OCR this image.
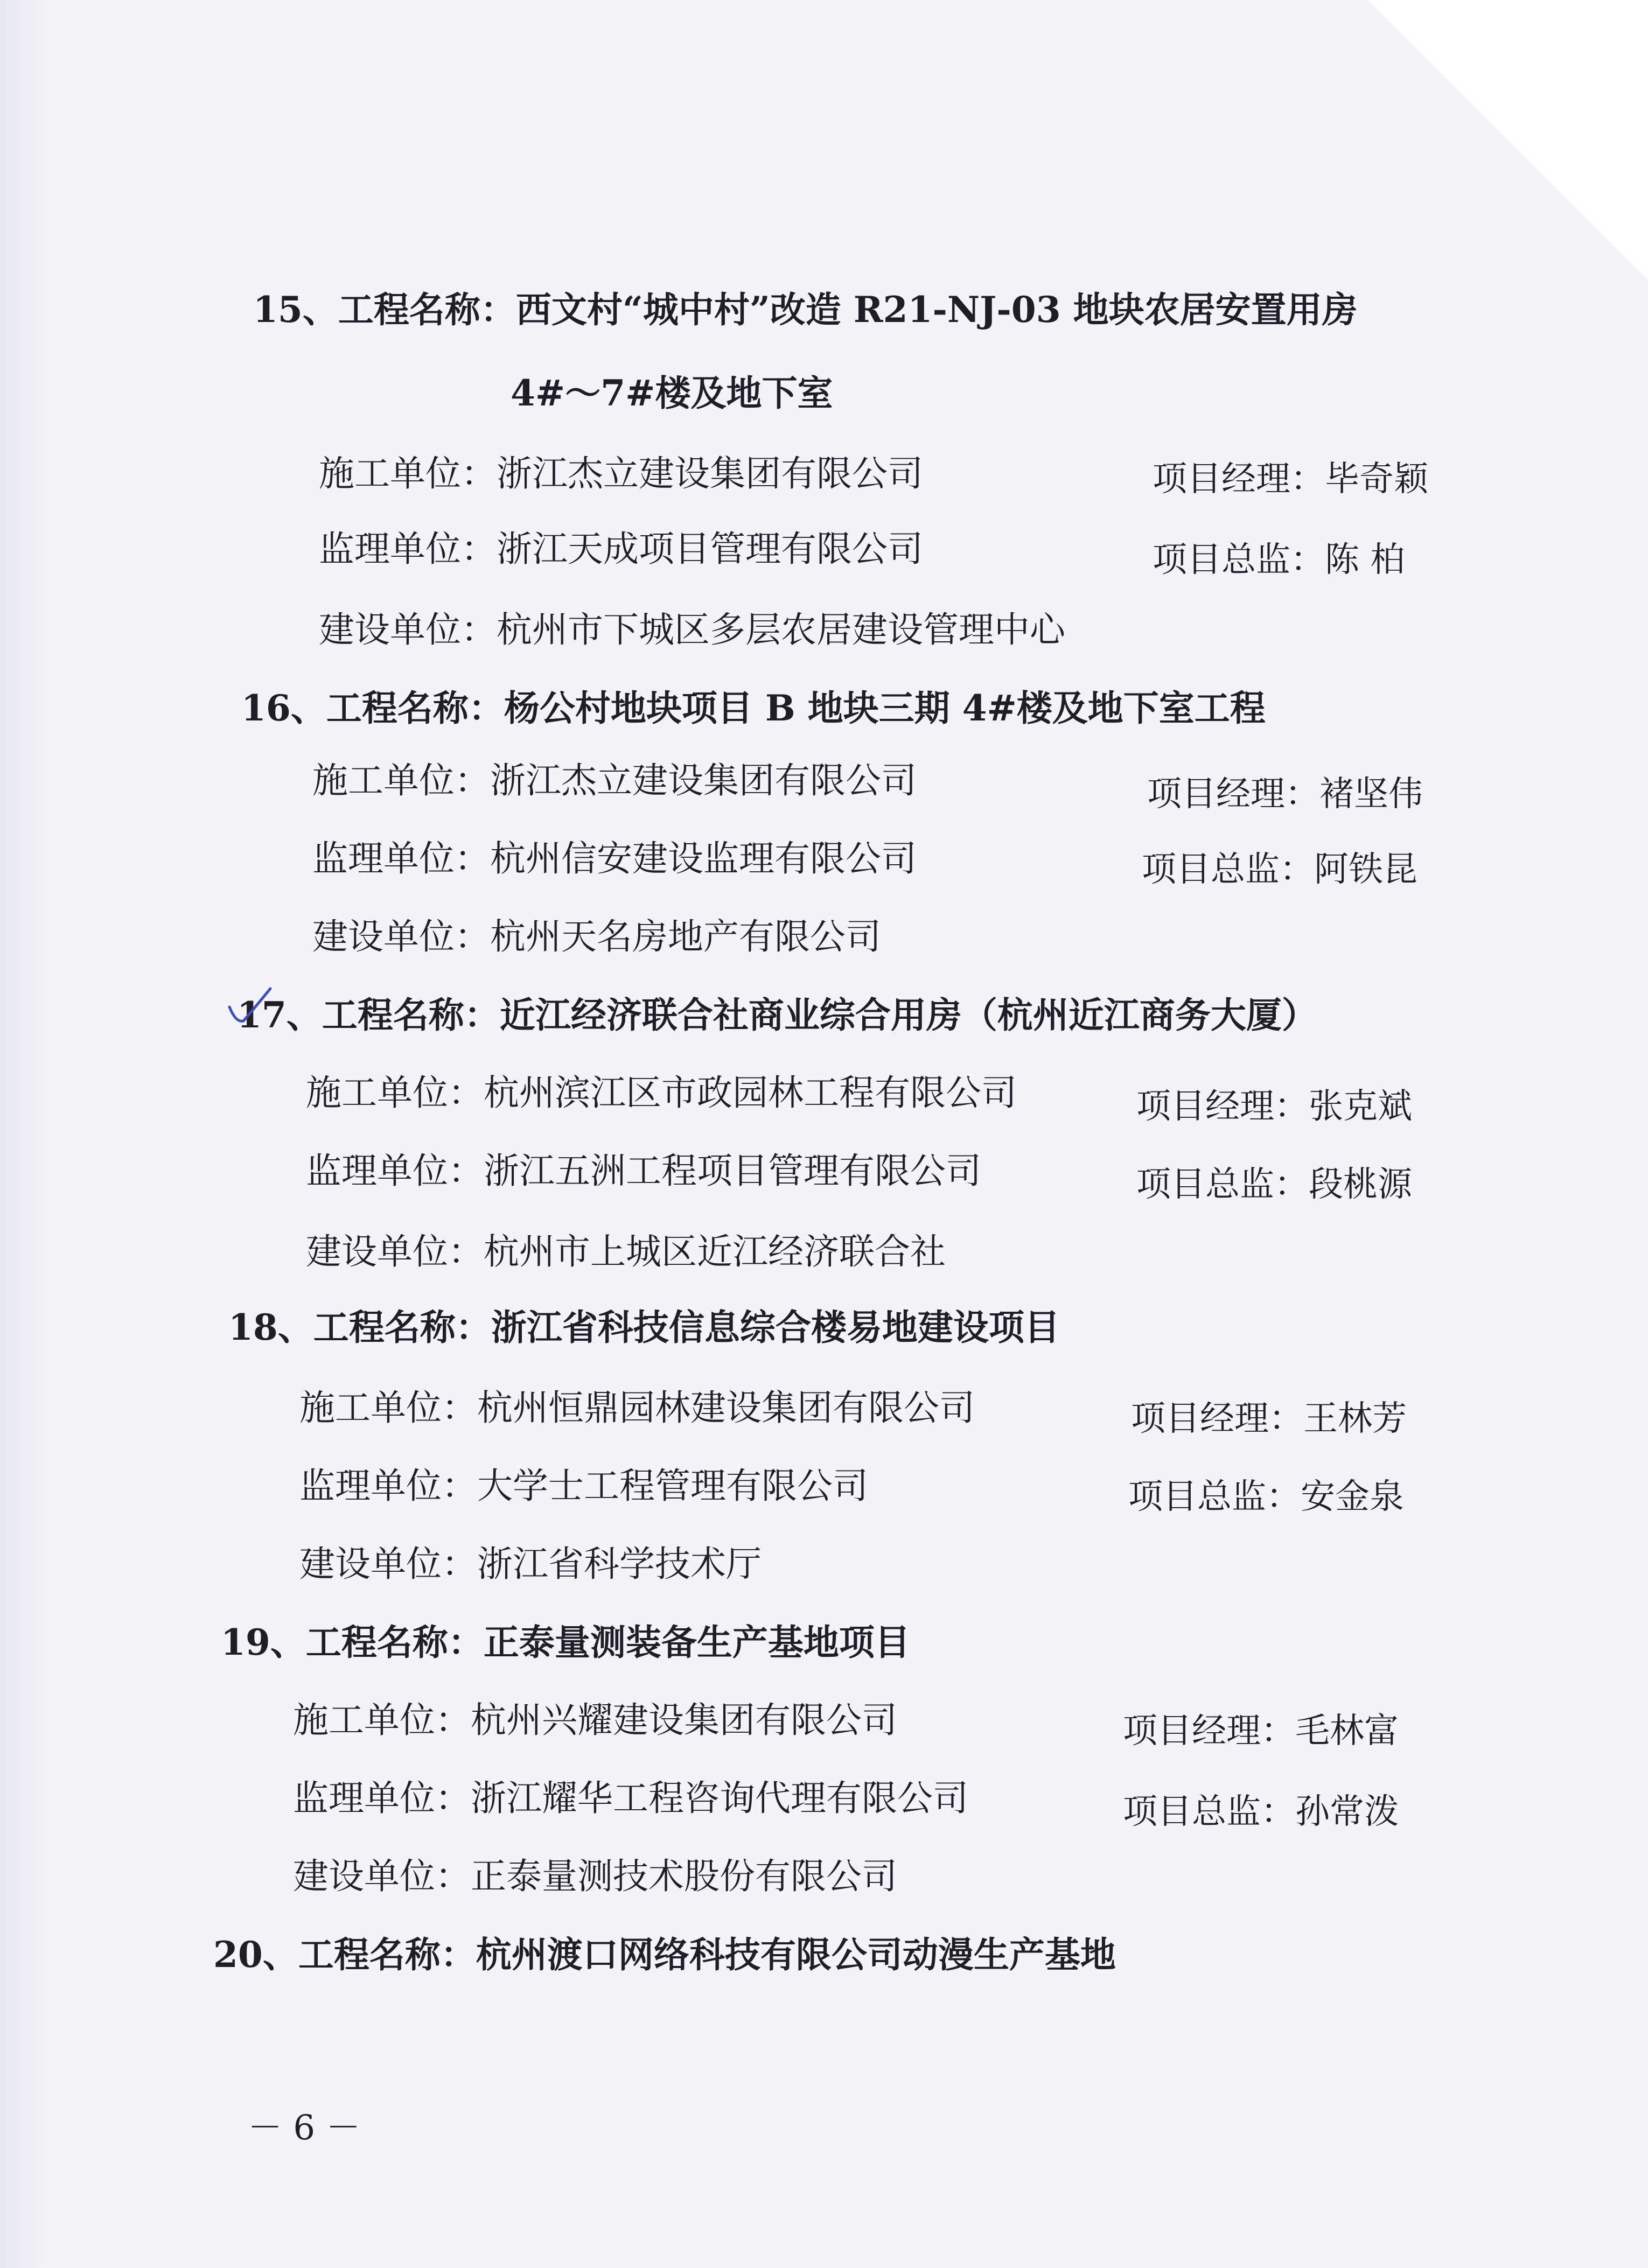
15、工程名称：西文村“城中村”改造 R21-NJ-03 地块农居安置用房
4#～7#楼及地下室
施工单位：浙江杰立建设集团有限公司	项目经理：毕奇颖
监理单位：浙江天成项目管理有限公司	项目总监：陈 柏
建设单位：杭州市下城区多层农居建设管理中心
16、工程名称：杨公村地块项目 B 地块三期 4#楼及地下室工程
施工单位：浙江杰立建设集团有限公司	项目经理：褚坚伟
监理单位：杭州信安建设监理有限公司	项目总监：阿铁昆
建设单位：杭州天名房地产有限公司
17、工程名称：近江经济联合社商业综合用房（杭州近江商务大厦）
施工单位：杭州滨江区市政园林工程有限公司	项目经理：张克斌
监理单位：浙江五洲工程项目管理有限公司	项目总监：段桃源
建设单位：杭州市上城区近江经济联合社
18、工程名称：浙江省科技信息综合楼易地建设项目
施工单位：杭州恒鼎园林建设集团有限公司	项目经理：王林芳
监理单位：大学士工程管理有限公司	项目总监：安金泉
建设单位：浙江省科学技术厅
19、工程名称：正泰量测装备生产基地项目
施工单位：杭州兴耀建设集团有限公司	项目经理：毛林富
监理单位：浙江耀华工程咨询代理有限公司	项目总监：孙常泼
建设单位：正泰量测技术股份有限公司
20、工程名称：杭州渡口网络科技有限公司动漫生产基地
－ 6 －
